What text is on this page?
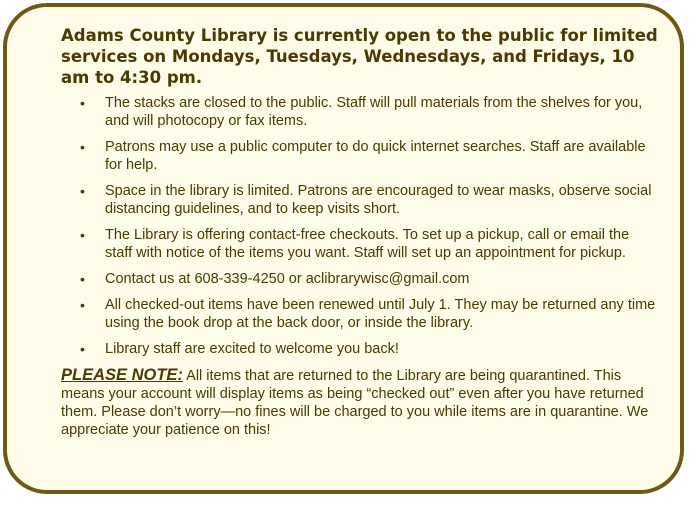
Adams County Library is currently open to the public for limited services on Mondays, Tuesdays, Wednesdays, and Fridays, 10 am to 4:30 pm.

• The stacks are closed to the public. Staff will pull materials from the shelves for you, and will photocopy or fax items.
• Patrons may use a public computer to do quick internet searches. Staff are available for help.
• Space in the library is limited. Patrons are encouraged to wear masks, observe social distancing guidelines, and to keep visits short.
• The Library is offering contact-free checkouts. To set up a pickup, call or email the staff with notice of the items you want. Staff will set up an appointment for pickup.
• Contact us at 608-339-4250 or aclibrarywisc@gmail.com
• All checked-out items have been renewed until July 1. They may be returned any time using the book drop at the back door, or inside the library.
• Library staff are excited to welcome you back!

PLEASE NOTE: All items that are returned to the Library are being quarantined. This means your account will display items as being “checked out” even after you have returned them. Please don’t worry—no fines will be charged to you while items are in quarantine. We appreciate your patience on this!
